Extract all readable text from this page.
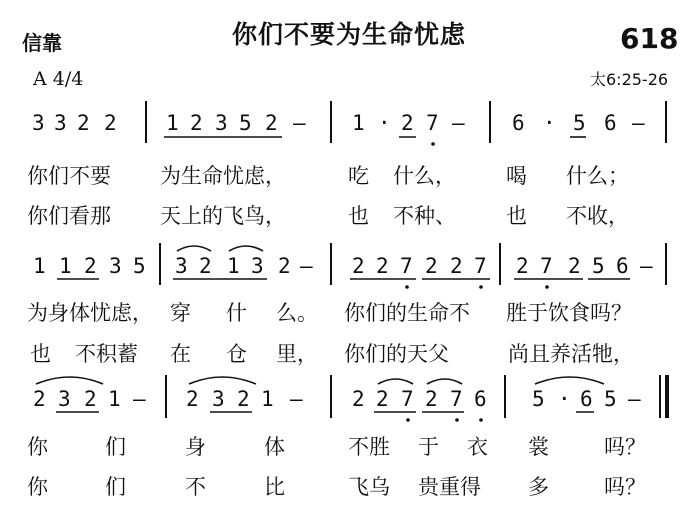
信靠	你们不要为生命忧虑	618
A 4/4	太6:25-26
3 3 2 2 1 2 3 5 2 — 1 · 2 7 — 6 · 5 6 —
你们不要 为生命忧虑，	吃 什么， 喝 什么；
你们看那 天上的飞鸟，	也 不种、 也 不收，
1 1 2 3 5 3 2 1 3 2 — 2 2 7 2 2 7 2 7 2 5 6 —
为身体忧虑， 穿 什 么。 你们的生命不 胜于饮食吗？
也 不积蓄 在 仓 里， 你们的天父	尚且养活牠，
2 3 2 1 — 2 3 2 1 — 2 2 7 2 7 6 5 · 6 5 —
你	们	身	体	不胜 于 衣 裳	吗？
你	们	不	比	飞乌 贵重得 多	吗？
